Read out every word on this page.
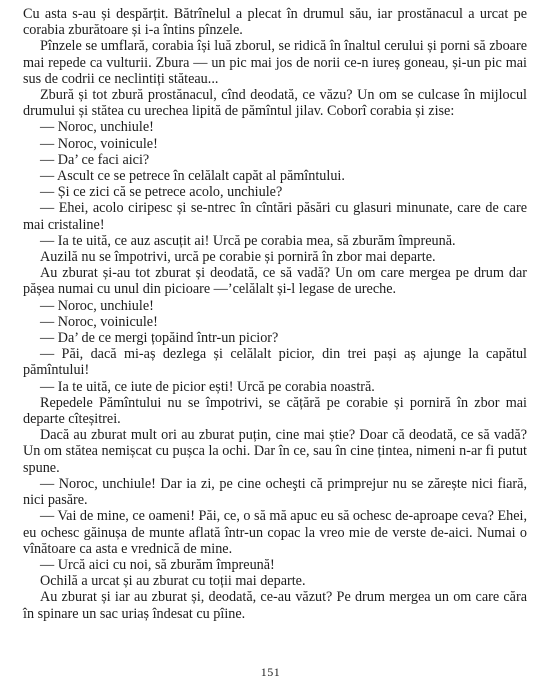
Cu asta s-au și despărțit. Bătrînelul a plecat în drumul său, iar prostănacul a urcat pe corabia zburătoare și i-a întins pînzele.

Pînzele se umflară, corabia își luă zborul, se ridică în înaltul cerului și porni să zboare mai repede ca vulturii. Zbura — un pic mai jos de norii ce-n iureș goneau, și-un pic mai sus de codrii ce neclintiți stăteau...

Zbură și tot zbură prostănacul, cînd deodată, ce văzu? Un om se culcase în mijlocul drumului și stătea cu urechea lipită de pămîntul jilav. Coborî corabia și zise:

— Noroc, unchiule!

— Noroc, voinicule!

— Da’ ce faci aici?

— Ascult ce se petrece în celălalt capăt al pămîntului.

— Și ce zici că se petrece acolo, unchiule?

— Ehei, acolo ciripesc și se-ntrec în cîntări păsări cu glasuri minunate, care de care mai cristaline!

— Ia te uită, ce auz ascuțit ai! Urcă pe corabia mea, să zburăm împreună.

Auzilă nu se împotrivi, urcă pe corabie și porniră în zbor mai departe.

Au zburat și-au tot zburat și deodată, ce să vadă? Un om care mergea pe drum dar pășea numai cu unul din picioare —’celălalt și-l legase de ureche.

— Noroc, unchiule!

— Noroc, voinicule!

— Da’ de ce mergi țopăind într-un picior?

— Păi, dacă mi-aș dezlega și celălalt picior, din trei pași aș ajunge la capătul pămîntului!

— Ia te uită, ce iute de picior ești! Urcă pe corabia noastră.

Repedele Pămîntului nu se împotrivi, se cățără pe corabie și porniră în zbor mai departe cîteșitrei.

Dacă au zburat mult ori au zburat puțin, cine mai știe? Doar că deodată, ce să vadă? Un om stătea nemișcat cu pușca la ochi. Dar în ce, sau în cine țintea, nimeni n-ar fi putut spune.

— Noroc, unchiule! Dar ia zi, pe cine ocheşti că primprejur nu se zărește nici fiară, nici pasăre.

— Vai de mine, ce oameni! Păi, ce, o să mă apuc eu să ochesc de-aproape ceva? Ehei, eu ochesc găinușa de munte aflată într-un copac la vreo mie de verste de-aici. Numai o vînătoare ca asta e vrednică de mine.

— Urcă aici cu noi, să zburăm împreună!

Ochilă a urcat și au zburat cu toții mai departe.

Au zburat și iar au zburat și, deodată, ce-au văzut? Pe drum mergea un om care căra în spinare un sac uriaș îndesat cu pîine.

151
